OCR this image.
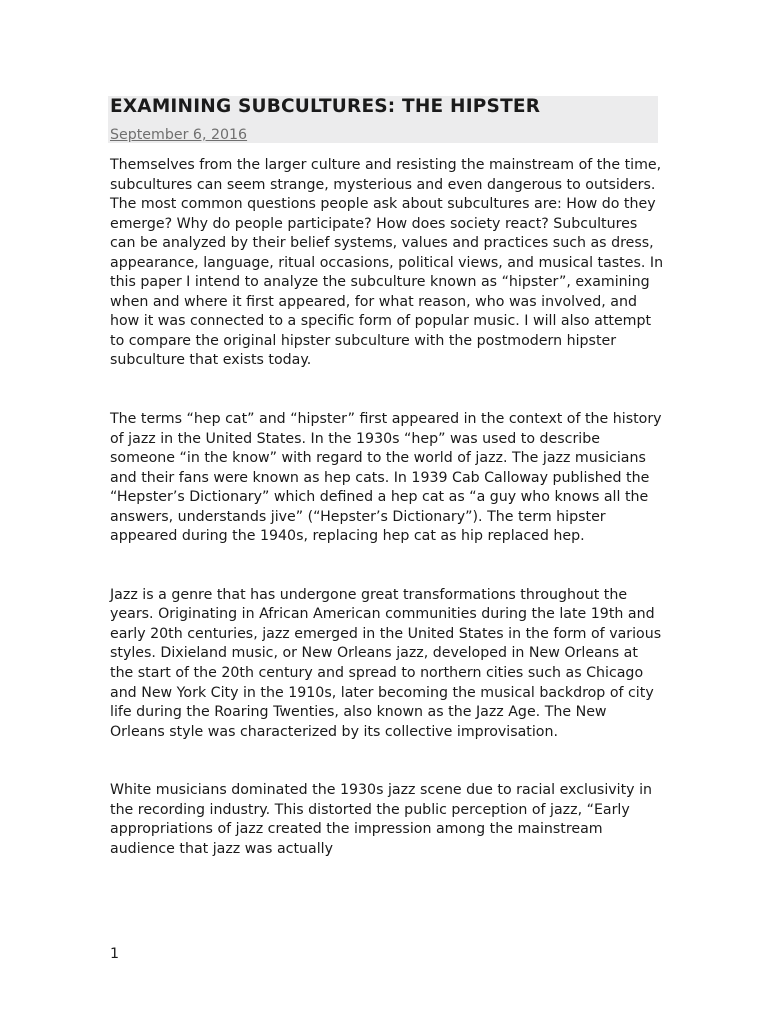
EXAMINING SUBCULTURES: THE HIPSTER
September 6, 2016

Themselves from the larger culture and resisting the mainstream of the time, subcultures can seem strange, mysterious and even dangerous to outsiders. The most common questions people ask about subcultures are: How do they emerge? Why do people participate? How does society react? Subcultures can be analyzed by their belief systems, values and practices such as dress, appearance, language, ritual occasions, political views, and musical tastes. In this paper I intend to analyze the subculture known as “hipster”, examining when and where it first appeared, for what reason, who was involved, and how it was connected to a specific form of popular music. I will also attempt to compare the original hipster subculture with the postmodern hipster subculture that exists today.

The terms “hep cat” and “hipster” first appeared in the context of the history of jazz in the United States. In the 1930s “hep” was used to describe someone “in the know” with regard to the world of jazz. The jazz musicians and their fans were known as hep cats. In 1939 Cab Calloway published the “Hepster’s Dictionary” which defined a hep cat as “a guy who knows all the answers, understands jive” (“Hepster’s Dictionary”). The term hipster appeared during the 1940s, replacing hep cat as hip replaced hep.

Jazz is a genre that has undergone great transformations throughout the years. Originating in African American communities during the late 19th and early 20th centuries, jazz emerged in the United States in the form of various styles. Dixieland music, or New Orleans jazz, developed in New Orleans at the start of the 20th century and spread to northern cities such as Chicago and New York City in the 1910s, later becoming the musical backdrop of city life during the Roaring Twenties, also known as the Jazz Age. The New Orleans style was characterized by its collective improvisation.

White musicians dominated the 1930s jazz scene due to racial exclusivity in the recording industry. This distorted the public perception of jazz, “Early appropriations of jazz created the impression among the mainstream audience that jazz was actually

1
